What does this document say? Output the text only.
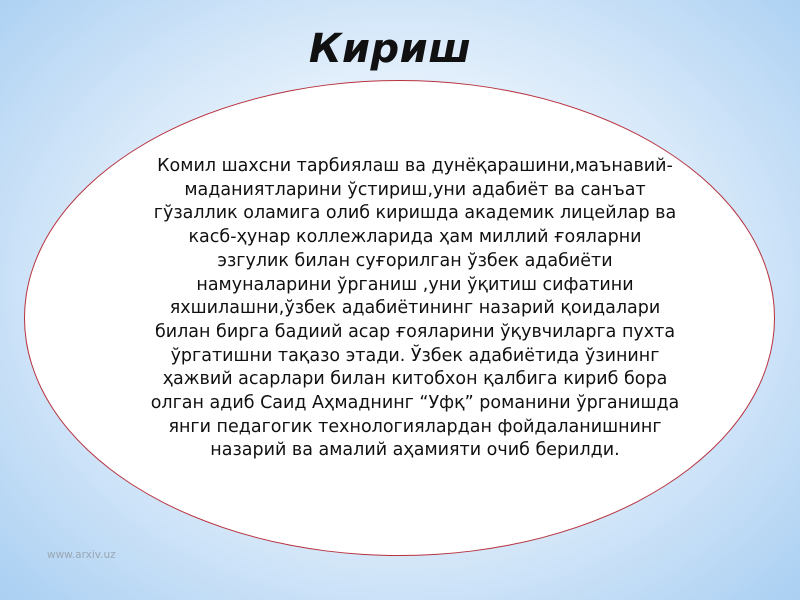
Кириш

Комил шахсни тарбиялаш ва дунёқарашини,маънавий-маданиятларини ўстириш,уни адабиёт ва санъат гўзаллик оламига олиб киришда академик лицейлар ва касб-ҳунар коллежларида ҳам миллий ғояларни эзгулик билан суғорилган ўзбек адабиёти намуналарини ўрганиш ,уни ўқитиш сифатини яхшилашни,ўзбек адабиётининг назарий қоидалари билан бирга бадиий асар ғояларини ўқувчиларга пухта ўргатишни тақазо этади. Ўзбек адабиётида ўзининг ҳажвий асарлари билан китобхон қалбига кириб бора олган адиб Саид Аҳмаднинг “Уфқ” романини ўрганишда янги педагогик технологиялардан фойдаланишнинг назарий ва амалий аҳамияти очиб берилди.

www.arxiv.uz
